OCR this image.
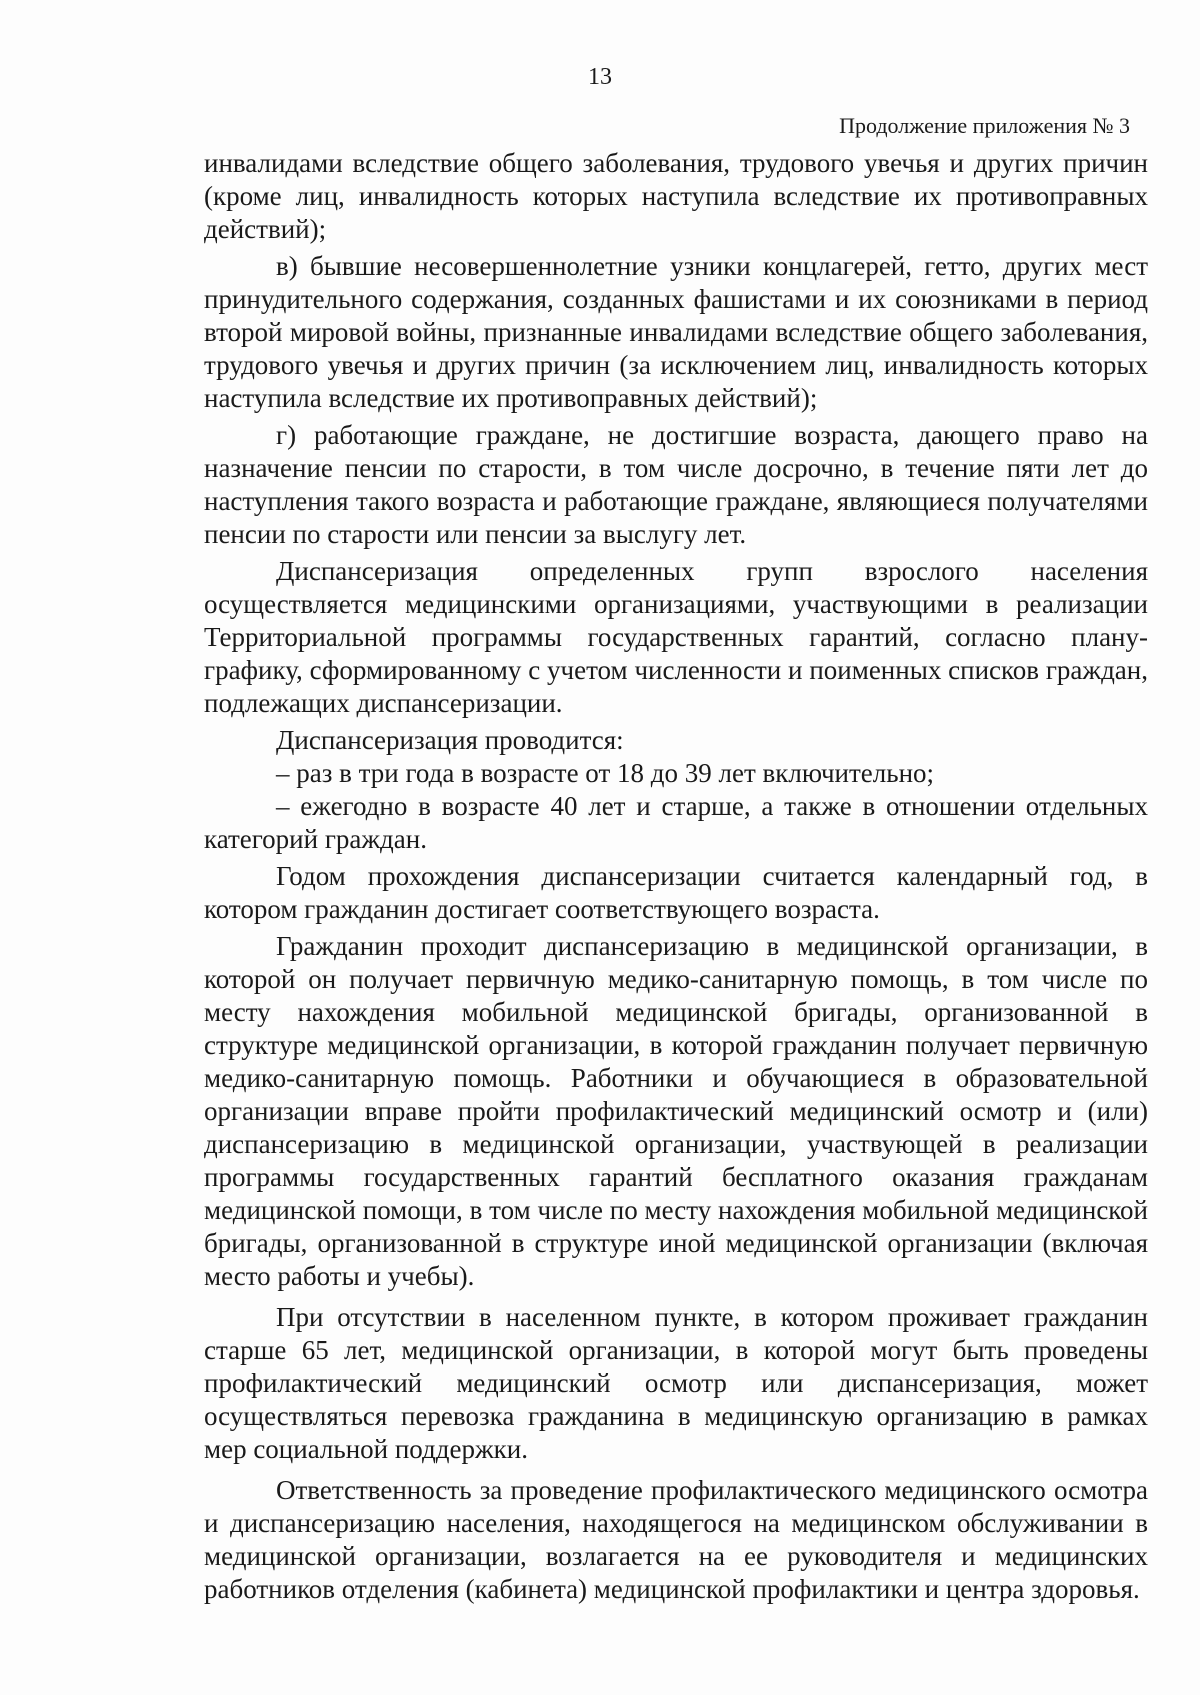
13
Продолжение приложения № 3

инвалидами вследствие общего заболевания, трудового увечья и других причин (кроме лиц, инвалидность которых наступила вследствие их противоправных действий);

в) бывшие несовершеннолетние узники концлагерей, гетто, других мест принудительного содержания, созданных фашистами и их союзниками в период второй мировой войны, признанные инвалидами вследствие общего заболевания, трудового увечья и других причин (за исключением лиц, инвалидность которых наступила вследствие их противоправных действий);

г) работающие граждане, не достигшие возраста, дающего право на назначение пенсии по старости, в том числе досрочно, в течение пяти лет до наступления такого возраста и работающие граждане, являющиеся получателями пенсии по старости или пенсии за выслугу лет.

Диспансеризация определенных групп взрослого населения осуществляется медицинскими организациями, участвующими в реализации Территориальной программы государственных гарантий, согласно плану-графику, сформированному с учетом численности и поименных списков граждан, подлежащих диспансеризации.

Диспансеризация проводится:

– раз в три года в возрасте от 18 до 39 лет включительно;

– ежегодно в возрасте 40 лет и старше, а также в отношении отдельных категорий граждан.

Годом прохождения диспансеризации считается календарный год, в котором гражданин достигает соответствующего возраста.

Гражданин проходит диспансеризацию в медицинской организации, в которой он получает первичную медико-санитарную помощь, в том числе по месту нахождения мобильной медицинской бригады, организованной в структуре медицинской организации, в которой гражданин получает первичную медико-санитарную помощь. Работники и обучающиеся в образовательной организации вправе пройти профилактический медицинский осмотр и (или) диспансеризацию в медицинской организации, участвующей в реализации программы государственных гарантий бесплатного оказания гражданам медицинской помощи, в том числе по месту нахождения мобильной медицинской бригады, организованной в структуре иной медицинской организации (включая место работы и учебы).

При отсутствии в населенном пункте, в котором проживает гражданин старше 65 лет, медицинской организации, в которой могут быть проведены профилактический медицинский осмотр или диспансеризация, может осуществляться перевозка гражданина в медицинскую организацию в рамках мер социальной поддержки.

Ответственность за проведение профилактического медицинского осмотра и диспансеризацию населения, находящегося на медицинском обслуживании в медицинской организации, возлагается на ее руководителя и медицинских работников отделения (кабинета) медицинской профилактики и центра здоровья.
